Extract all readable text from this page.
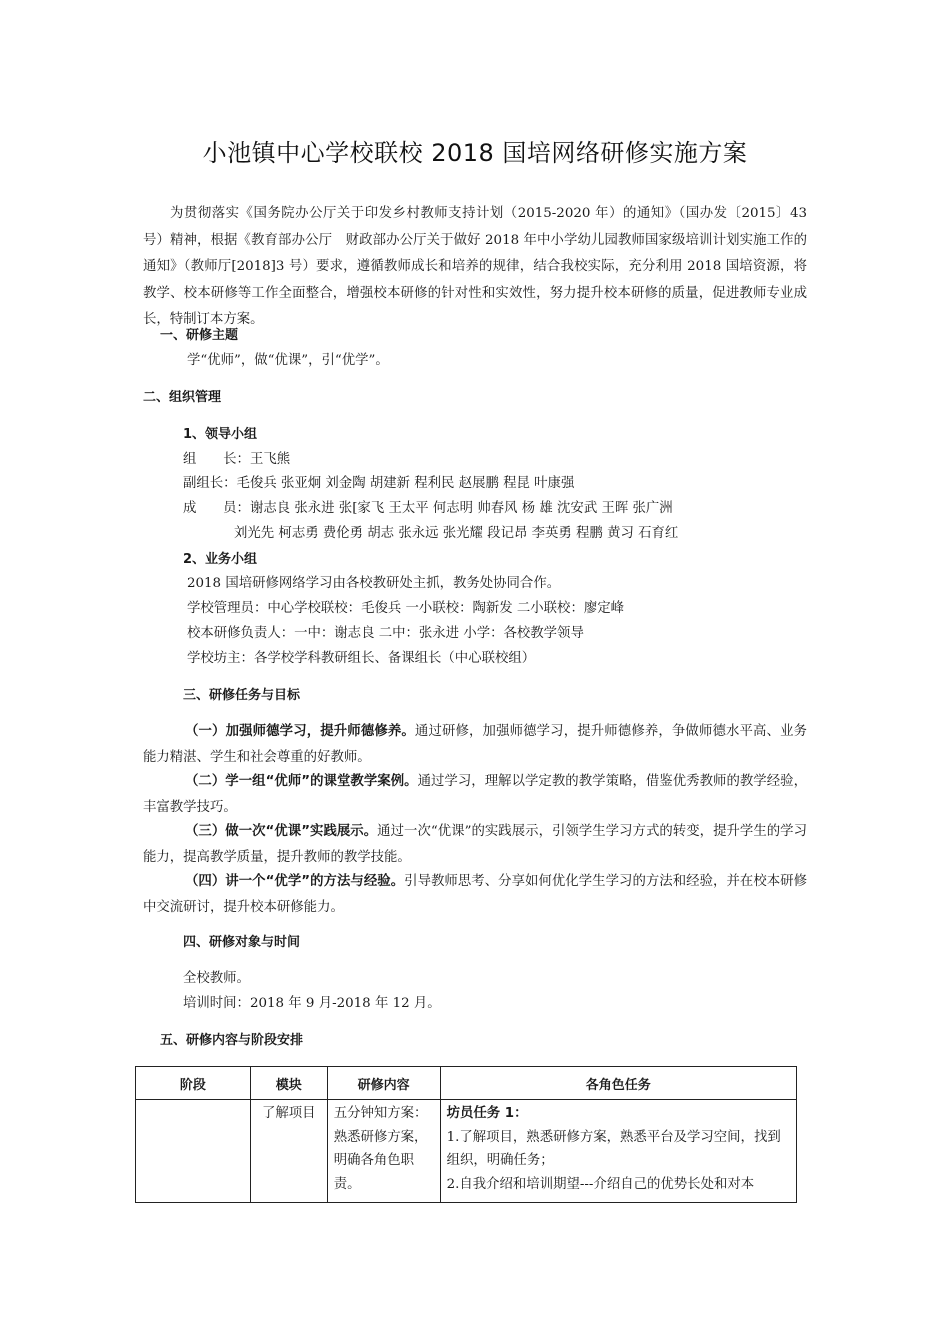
小池镇中心学校联校 2018 国培网络研修实施方案

为贯彻落实《国务院办公厅关于印发乡村教师支持计划（2015-2020 年）的通知》（国办发〔2015〕43 号）精神，根据《教育部办公厅　财政部办公厅关于做好 2018 年中小学幼儿园教师国家级培训计划实施工作的通知》（教师厅[2018]3 号）要求，遵循教师成长和培养的规律，结合我校实际，充分利用 2018 国培资源，将教学、校本研修等工作全面整合，增强校本研修的针对性和实效性，努力提升校本研修的质量，促进教师专业成长，特制订本方案。

一、研修主题

学“优师”，做“优课”，引“优学”。

二、组织管理

1、领导小组

组　　长：王飞熊

副组长：毛俊兵 张亚炯 刘金陶 胡建新 程利民 赵展鹏 程昆 叶康强

成　　员：谢志良 张永进 张[家飞 王太平 何志明 帅春风 杨 雄 沈安武 王晖 张广洲

刘光先 柯志勇 费伦勇 胡志 张永远 张光耀 段记昂 李英勇 程鹏 黄习 石育红

2、业务小组

2018 国培研修网络学习由各校教研处主抓，教务处协同合作。

学校管理员：中心学校联校：毛俊兵 一小联校：陶新发 二小联校：廖定峰

校本研修负责人：一中：谢志良 二中：张永进 小学：各校教学领导

学校坊主：各学校学科教研组长、备课组长（中心联校组）

三、研修任务与目标

（一）加强师德学习，提升师德修养。通过研修，加强师德学习，提升师德修养，争做师德水平高、业务能力精湛、学生和社会尊重的好教师。

（二）学一组“优师”的课堂教学案例。通过学习，理解以学定教的教学策略，借鉴优秀教师的教学经验，丰富教学技巧。

（三）做一次“优课”实践展示。通过一次“优课”的实践展示，引领学生学习方式的转变，提升学生的学习能力，提高教学质量，提升教师的教学技能。

（四）讲一个“优学”的方法与经验。引导教师思考、分享如何优化学生学习的方法和经验，并在校本研修中交流研讨，提升校本研修能力。

四、研修对象与时间

全校教师。

培训时间：2018 年 9 月-2018 年 12 月。

五、研修内容与阶段安排

阶段	模块	研修内容	各角色任务
	了解项目	五分钟知方案：熟悉研修方案，明确各角色职责。	坊员任务 1：
1.了解项目，熟悉研修方案，熟悉平台及学习空间，找到组织，明确任务；
2.自我介绍和培训期望---介绍自己的优势长处和对本
